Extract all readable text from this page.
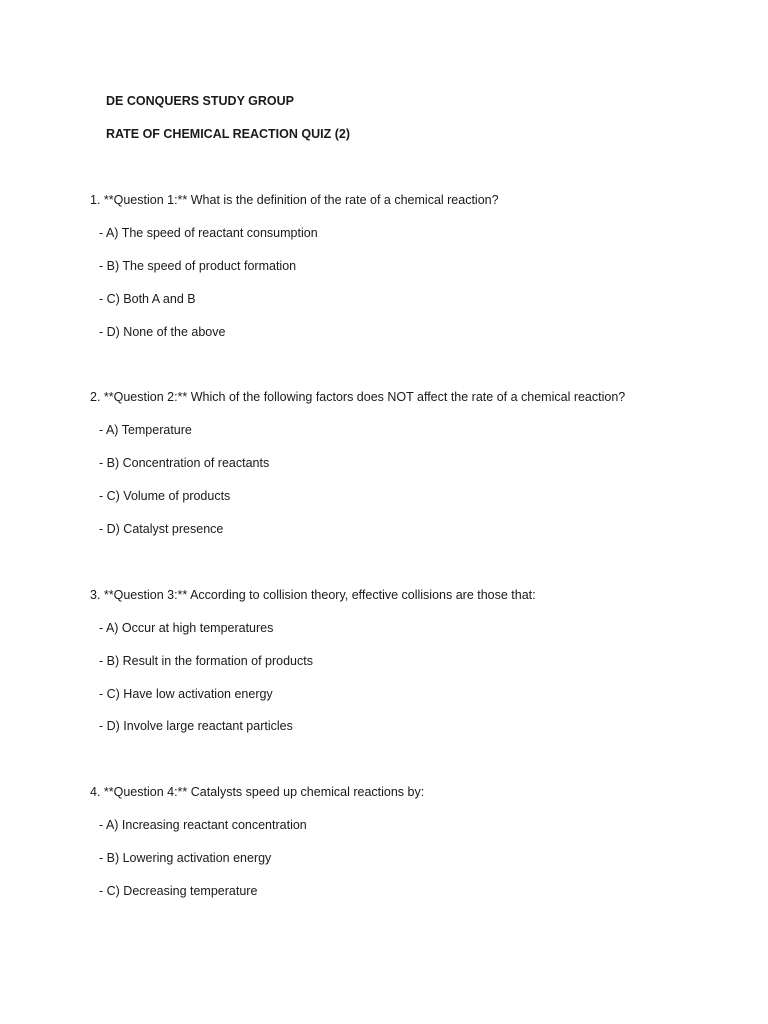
DE CONQUERS STUDY GROUP
RATE OF CHEMICAL REACTION QUIZ (2)
1. **Question 1:** What is the definition of the rate of a chemical reaction?
- A) The speed of reactant consumption
- B) The speed of product formation
- C) Both A and B
- D) None of the above
2. **Question 2:** Which of the following factors does NOT affect the rate of a chemical reaction?
- A) Temperature
- B) Concentration of reactants
- C) Volume of products
- D) Catalyst presence
3. **Question 3:** According to collision theory, effective collisions are those that:
- A) Occur at high temperatures
- B) Result in the formation of products
- C) Have low activation energy
- D) Involve large reactant particles
4. **Question 4:** Catalysts speed up chemical reactions by:
- A) Increasing reactant concentration
- B) Lowering activation energy
- C) Decreasing temperature
